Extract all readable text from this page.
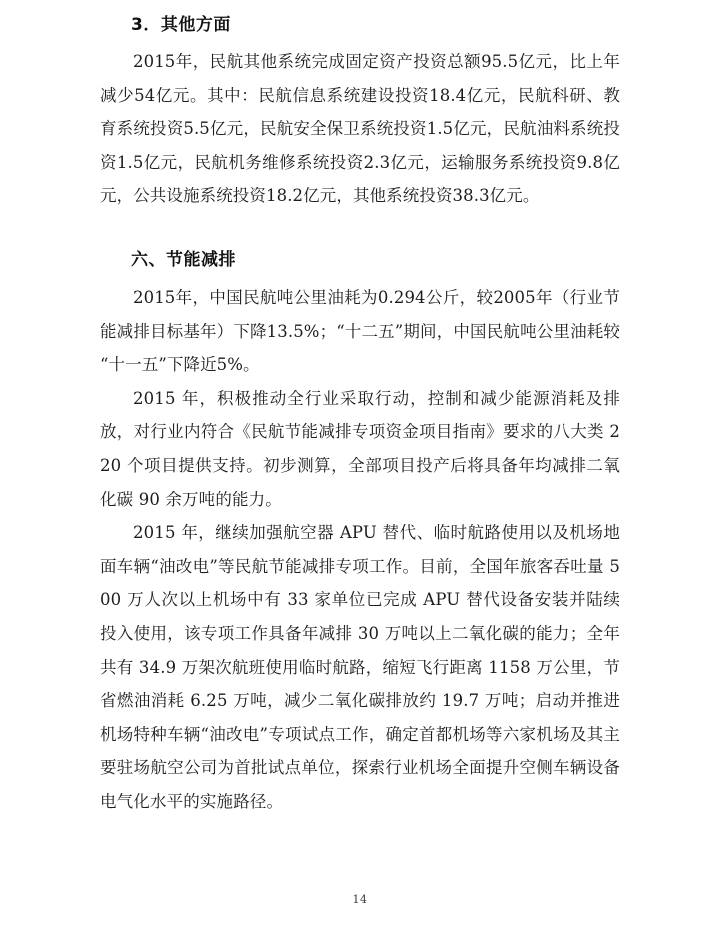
3．其他方面

2015年，民航其他系统完成固定资产投资总额95.5亿元，比上年减少54亿元。其中：民航信息系统建设投资18.4亿元，民航科研、教育系统投资5.5亿元，民航安全保卫系统投资1.5亿元，民航油料系统投资1.5亿元，民航机务维修系统投资2.3亿元，运输服务系统投资9.8亿元，公共设施系统投资18.2亿元，其他系统投资38.3亿元。

六、节能减排

2015年，中国民航吨公里油耗为0.294公斤，较2005年（行业节能减排目标基年）下降13.5%；“十二五”期间，中国民航吨公里油耗较“十一五”下降近5%。

2015 年，积极推动全行业采取行动，控制和减少能源消耗及排放，对行业内符合《民航节能减排专项资金项目指南》要求的八大类 220 个项目提供支持。初步测算，全部项目投产后将具备年均减排二氧化碳 90 余万吨的能力。

2015 年，继续加强航空器 APU 替代、临时航路使用以及机场地面车辆“油改电”等民航节能减排专项工作。目前，全国年旅客吞吐量 500 万人次以上机场中有 33 家单位已完成 APU 替代设备安装并陆续投入使用，该专项工作具备年减排 30 万吨以上二氧化碳的能力；全年共有 34.9 万架次航班使用临时航路，缩短飞行距离 1158 万公里，节省燃油消耗 6.25 万吨，减少二氧化碳排放约 19.7 万吨；启动并推进机场特种车辆“油改电”专项试点工作，确定首都机场等六家机场及其主要驻场航空公司为首批试点单位，探索行业机场全面提升空侧车辆设备电气化水平的实施路径。

14
